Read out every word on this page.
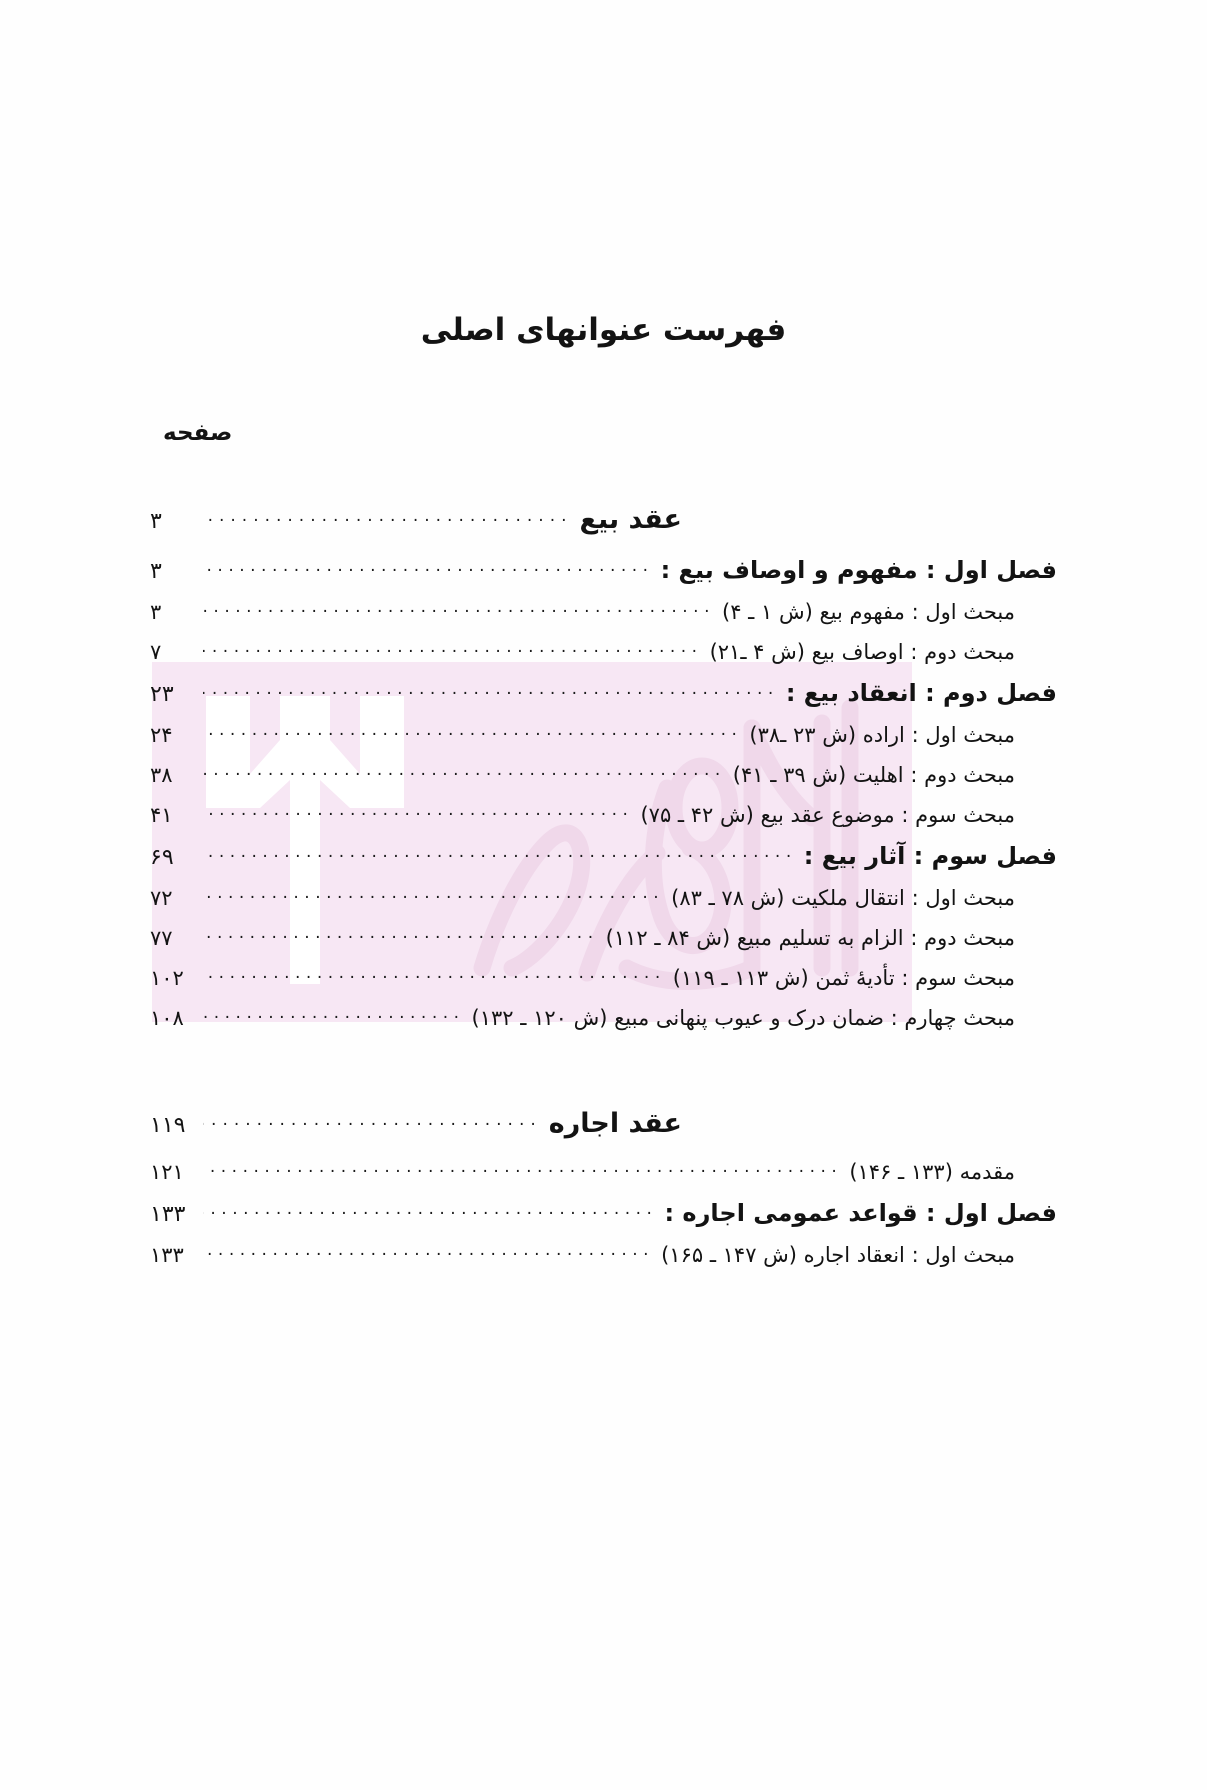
فهرست عنوانهای اصلی
صفحه
عقد بیع
.....
۳
فصل اول : مفهوم و اوصاف بیع :
.....
۳
مبحث اول : مفهوم بیع (ش ۱ ـ ۴)
.....
۳
مبحث دوم : اوصاف بیع (ش ۴ ـ۲۱)
.....
۷
فصل دوم : انعقاد بیع :
.....
۲۳
مبحث اول : اراده (ش ۲۳ ـ۳۸)
.....
۲۴
مبحث دوم : اهلیت (ش ۳۹ ـ ۴۱)
.....
۳۸
مبحث سوم : موضوع عقد بیع (ش ۴۲ ـ ۷۵)
.....
۴۱
فصل سوم : آثار بیع :
.....
۶۹
مبحث اول : انتقال ملکیت (ش ۷۸ ـ ۸۳)
.....
۷۲
مبحث دوم : الزام به تسلیم مبیع (ش ۸۴ ـ ۱۱۲)
.....
۷۷
مبحث سوم : تأدیهٔ ثمن (ش ۱۱۳ ـ ۱۱۹)
.....
۱۰۲
مبحث چهارم : ضمان درک و عیوب پنهانی مبیع (ش ۱۲۰ ـ ۱۳۲)
.....
۱۰۸
عقد اجاره
.....
۱۱۹
مقدمه (۱۳۳ ـ ۱۴۶)
.....
۱۲۱
فصل اول : قواعد عمومی اجاره :
.....
۱۳۳
مبحث اول : انعقاد اجاره (ش ۱۴۷ ـ ۱۶۵)
.....
۱۳۳
